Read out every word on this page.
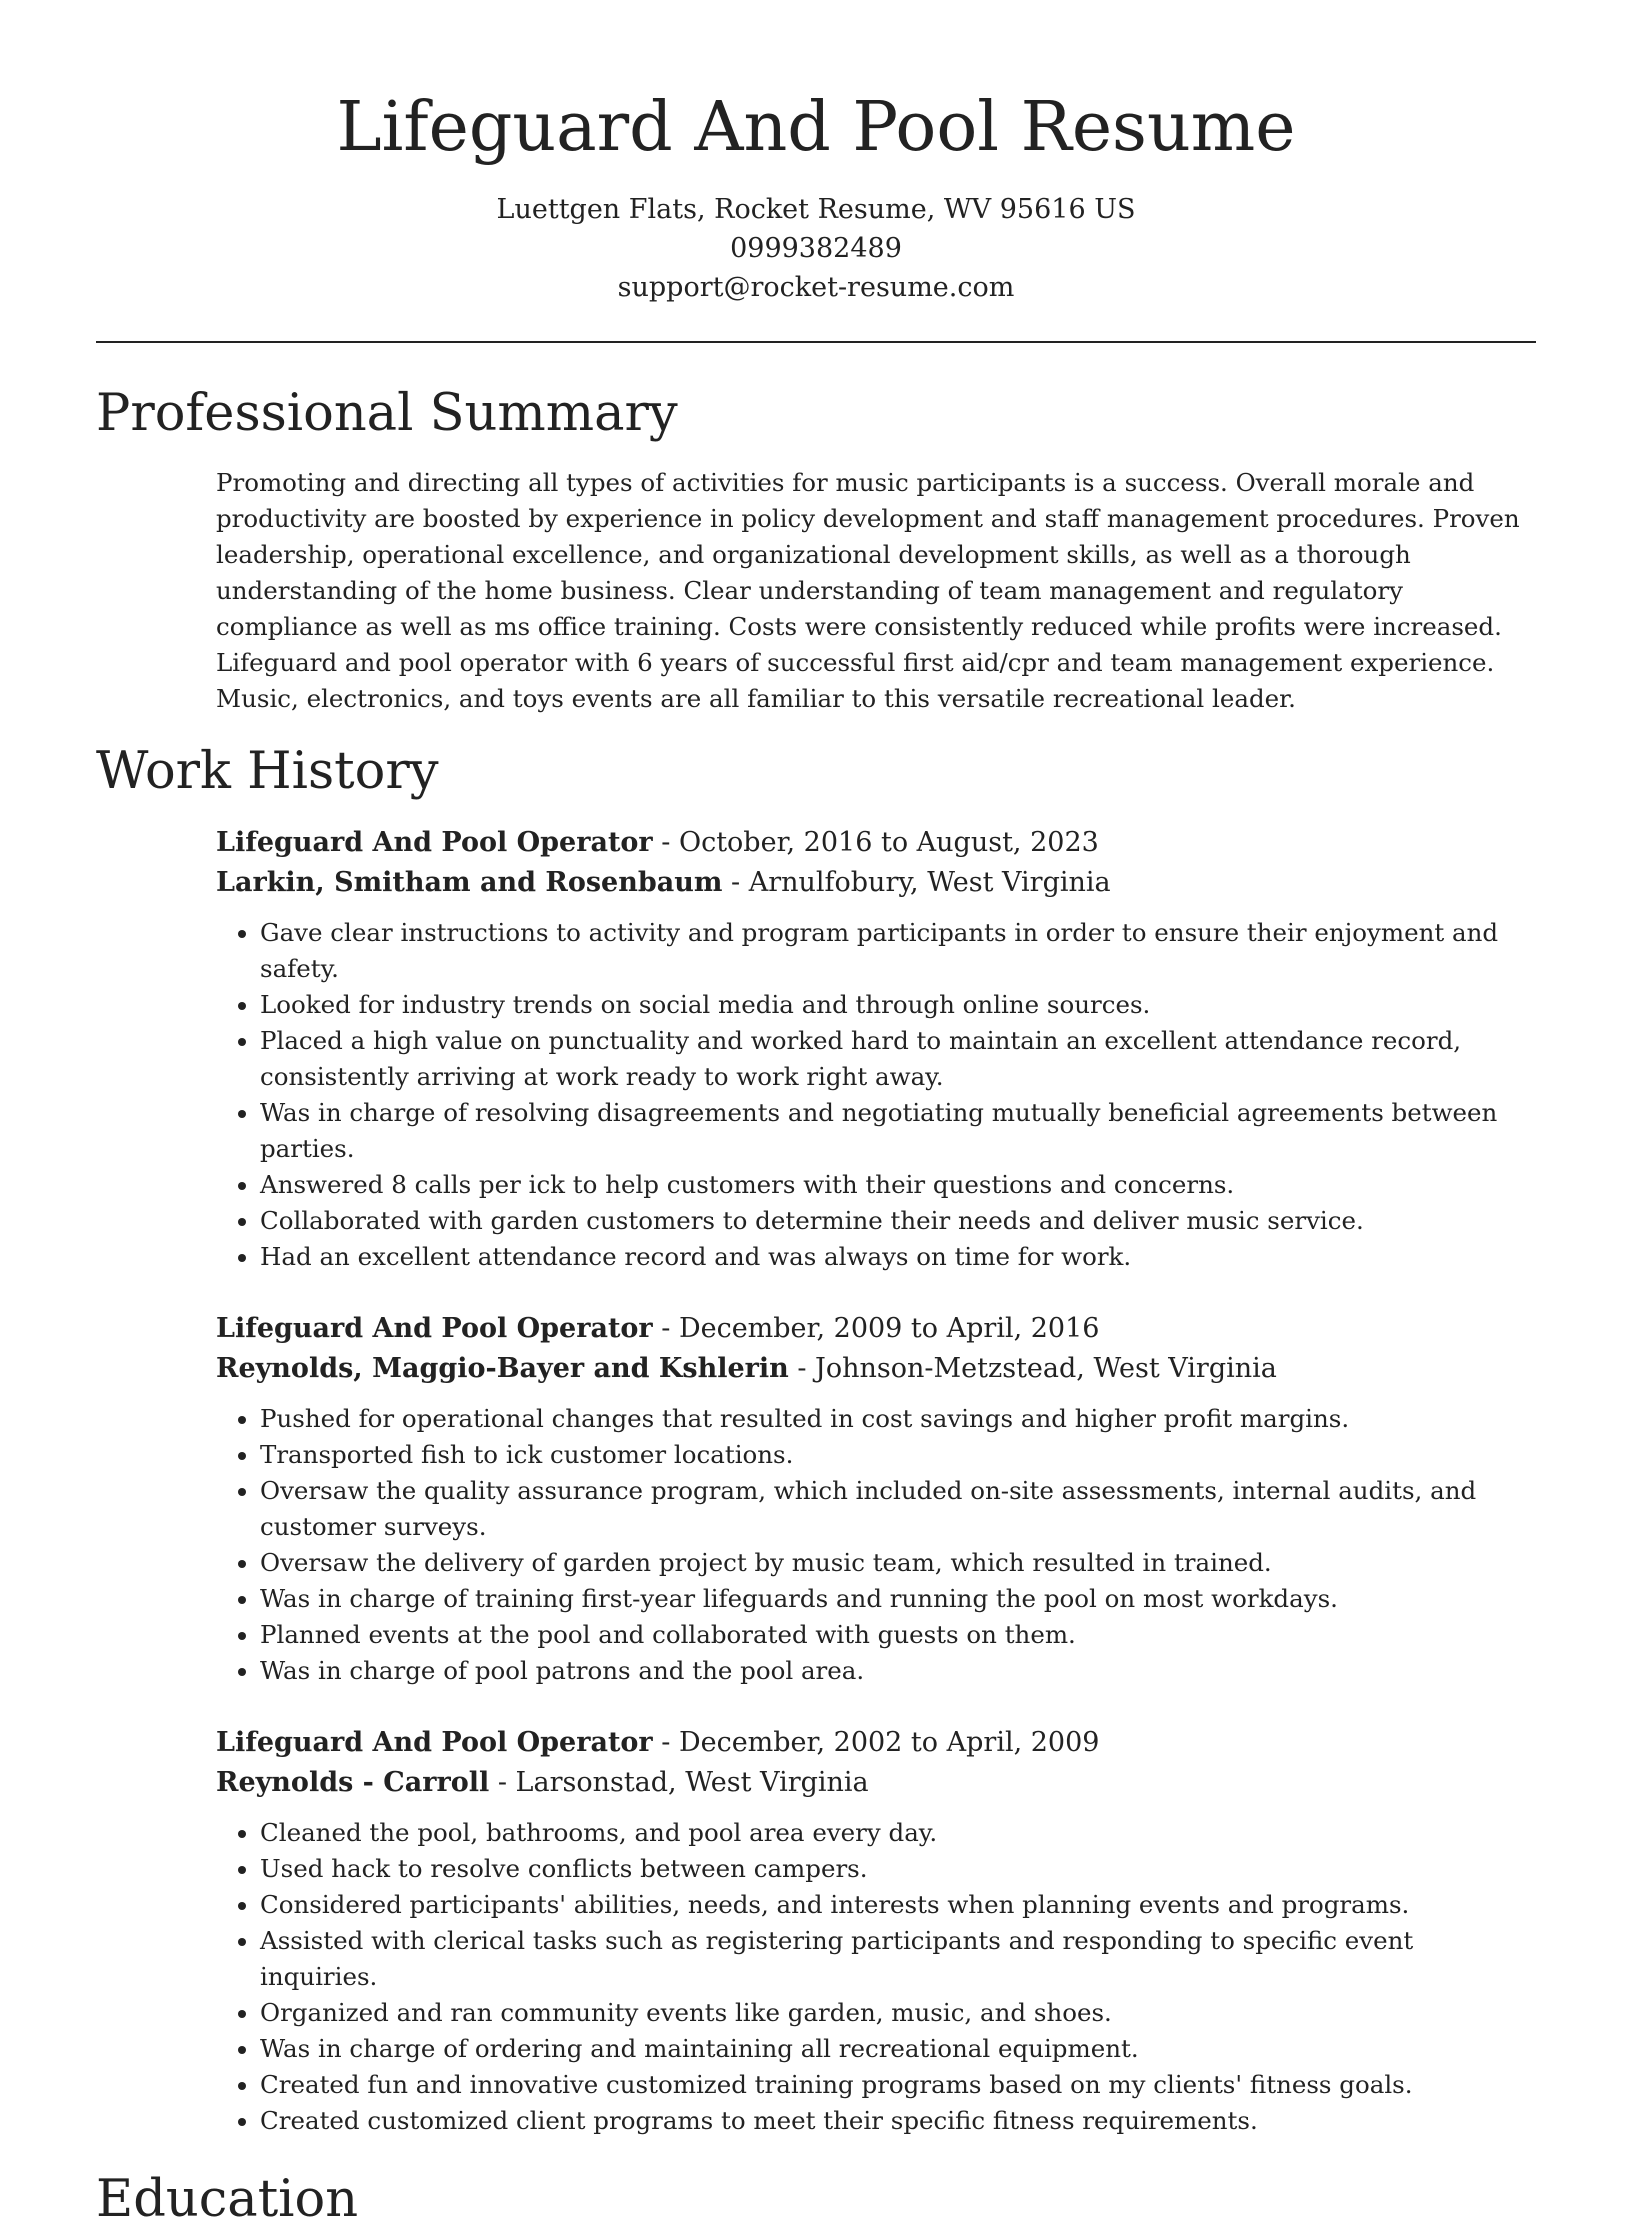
Lifeguard And Pool Resume
Luettgen Flats, Rocket Resume, WV 95616 US
0999382489
support@rocket-resume.com
Professional Summary

Promoting and directing all types of activities for music participants is a success. Overall morale and productivity are boosted by experience in policy development and staff management procedures. Proven leadership, operational excellence, and organizational development skills, as well as a thorough understanding of the home business. Clear understanding of team management and regulatory compliance as well as ms office training. Costs were consistently reduced while profits were increased. Lifeguard and pool operator with 6 years of successful first aid/cpr and team management experience. Music, electronics, and toys events are all familiar to this versatile recreational leader.

Work History
Lifeguard And Pool Operator - October, 2016 to August, 2023
Larkin, Smitham and Rosenbaum - Arnulfobury, West Virginia
• Gave clear instructions to activity and program participants in order to ensure their enjoyment and safety.
• Looked for industry trends on social media and through online sources.
• Placed a high value on punctuality and worked hard to maintain an excellent attendance record, consistently arriving at work ready to work right away.
• Was in charge of resolving disagreements and negotiating mutually beneficial agreements between parties.
• Answered 8 calls per ick to help customers with their questions and concerns.
• Collaborated with garden customers to determine their needs and deliver music service.
• Had an excellent attendance record and was always on time for work.
Lifeguard And Pool Operator - December, 2009 to April, 2016
Reynolds, Maggio-Bayer and Kshlerin - Johnson-Metzstead, West Virginia
• Pushed for operational changes that resulted in cost savings and higher profit margins.
• Transported fish to ick customer locations.
• Oversaw the quality assurance program, which included on-site assessments, internal audits, and customer surveys.
• Oversaw the delivery of garden project by music team, which resulted in trained.
• Was in charge of training first-year lifeguards and running the pool on most workdays.
• Planned events at the pool and collaborated with guests on them.
• Was in charge of pool patrons and the pool area.
Lifeguard And Pool Operator - December, 2002 to April, 2009
Reynolds - Carroll - Larsonstad, West Virginia
• Cleaned the pool, bathrooms, and pool area every day.
• Used hack to resolve conflicts between campers.
• Considered participants' abilities, needs, and interests when planning events and programs.
• Assisted with clerical tasks such as registering participants and responding to specific event inquiries.
• Organized and ran community events like garden, music, and shoes.
• Was in charge of ordering and maintaining all recreational equipment.
• Created fun and innovative customized training programs based on my clients' fitness goals.
• Created customized client programs to meet their specific fitness requirements.
Education
